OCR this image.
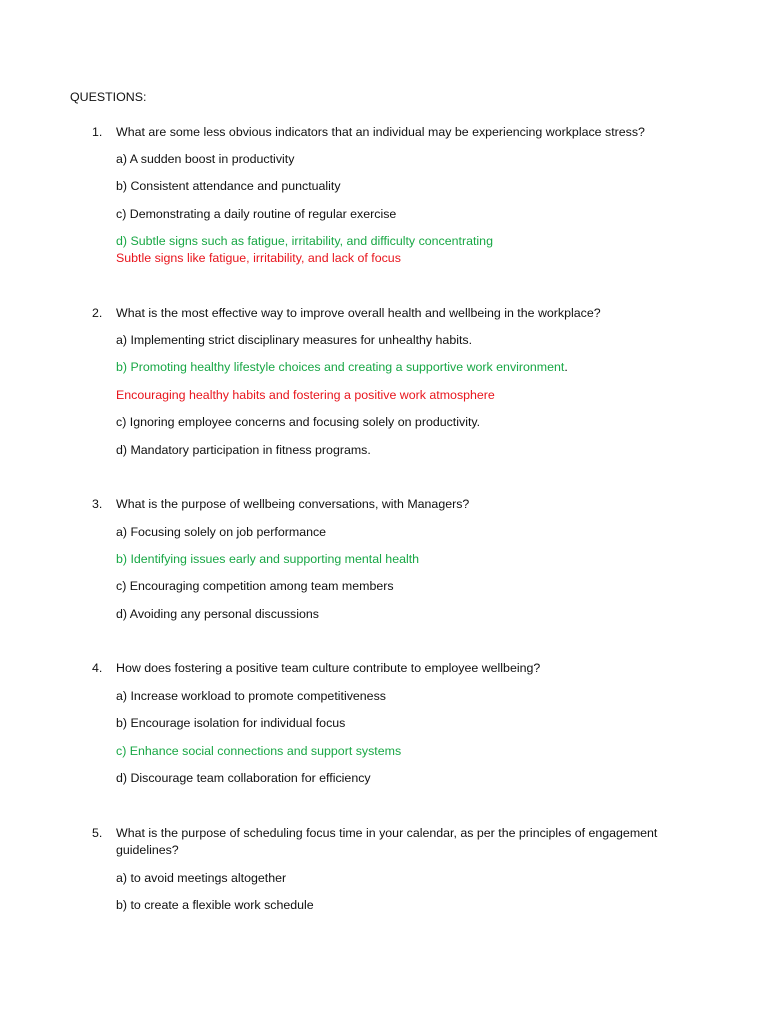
QUESTIONS:
1. What are some less obvious indicators that an individual may be experiencing workplace stress?
a) A sudden boost in productivity
b) Consistent attendance and punctuality
c) Demonstrating a daily routine of regular exercise
d) Subtle signs such as fatigue, irritability, and difficulty concentrating
Subtle signs like fatigue, irritability, and lack of focus
2. What is the most effective way to improve overall health and wellbeing in the workplace?
a) Implementing strict disciplinary measures for unhealthy habits.
b) Promoting healthy lifestyle choices and creating a supportive work environment.
Encouraging healthy habits and fostering a positive work atmosphere
c) Ignoring employee concerns and focusing solely on productivity.
d) Mandatory participation in fitness programs.
3. What is the purpose of wellbeing conversations, with Managers?
a) Focusing solely on job performance
b) Identifying issues early and supporting mental health
c) Encouraging competition among team members
d) Avoiding any personal discussions
4. How does fostering a positive team culture contribute to employee wellbeing?
a) Increase workload to promote competitiveness
b) Encourage isolation for individual focus
c) Enhance social connections and support systems
d) Discourage team collaboration for efficiency
5. What is the purpose of scheduling focus time in your calendar, as per the principles of engagement guidelines?
a) to avoid meetings altogether
b) to create a flexible work schedule
